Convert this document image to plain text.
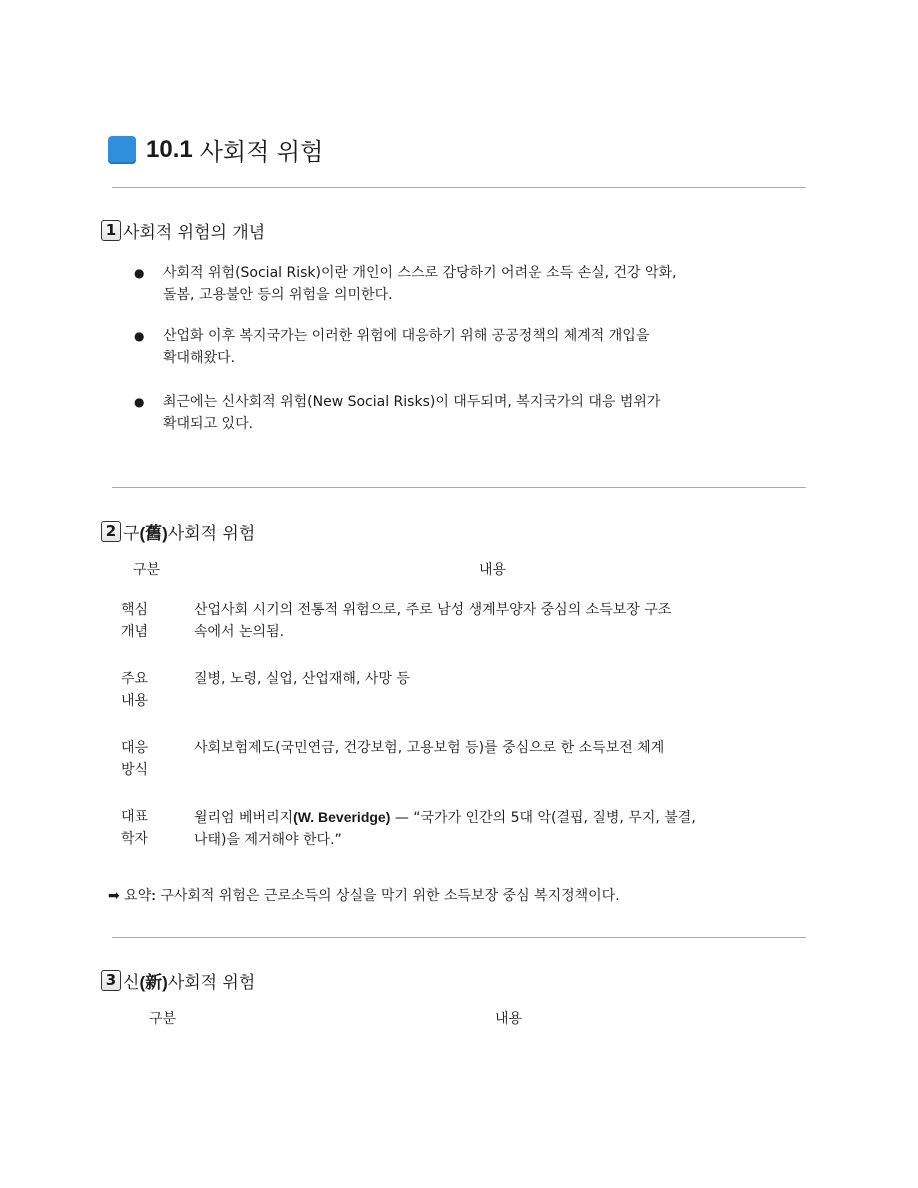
10.1 사회적 위험
1 사회적 위험의 개념
● 사회적 위험(Social Risk)이란 개인이 스스로 감당하기 어려운 소득 손실, 건강 악화,
돌봄, 고용불안 등의 위험을 의미한다.
● 산업화 이후 복지국가는 이러한 위험에 대응하기 위해 공공정책의 체계적 개입을
확대해왔다.
● 최근에는 신사회적 위험(New Social Risks)이 대두되며, 복지국가의 대응 범위가
확대되고 있다.
2 구 (舊) 사회적 위험
구분	내용
핵심
개념
산업사회 시기의 전통적 위험으로, 주로 남성 생계부양자 중심의 소득보장 구조
속에서 논의됨.
주요
내용
질병, 노령, 실업, 산업재해, 사망 등
대응
방식
사회보험제도(국민연금, 건강보험, 고용보험 등)를 중심으로 한 소득보전 체계
대표
학자
윌리엄 베버리지(W. Beveridge) — “국가가 인간의 5대 악(결핍, 질병, 무지, 불결,
나태)을 제거해야 한다.”
➡ 요약: 구사회적 위험은 근로소득의 상실을 막기 위한 소득보장 중심 복지정책이다.
3 신 (新) 사회적 위험
구분	내용
